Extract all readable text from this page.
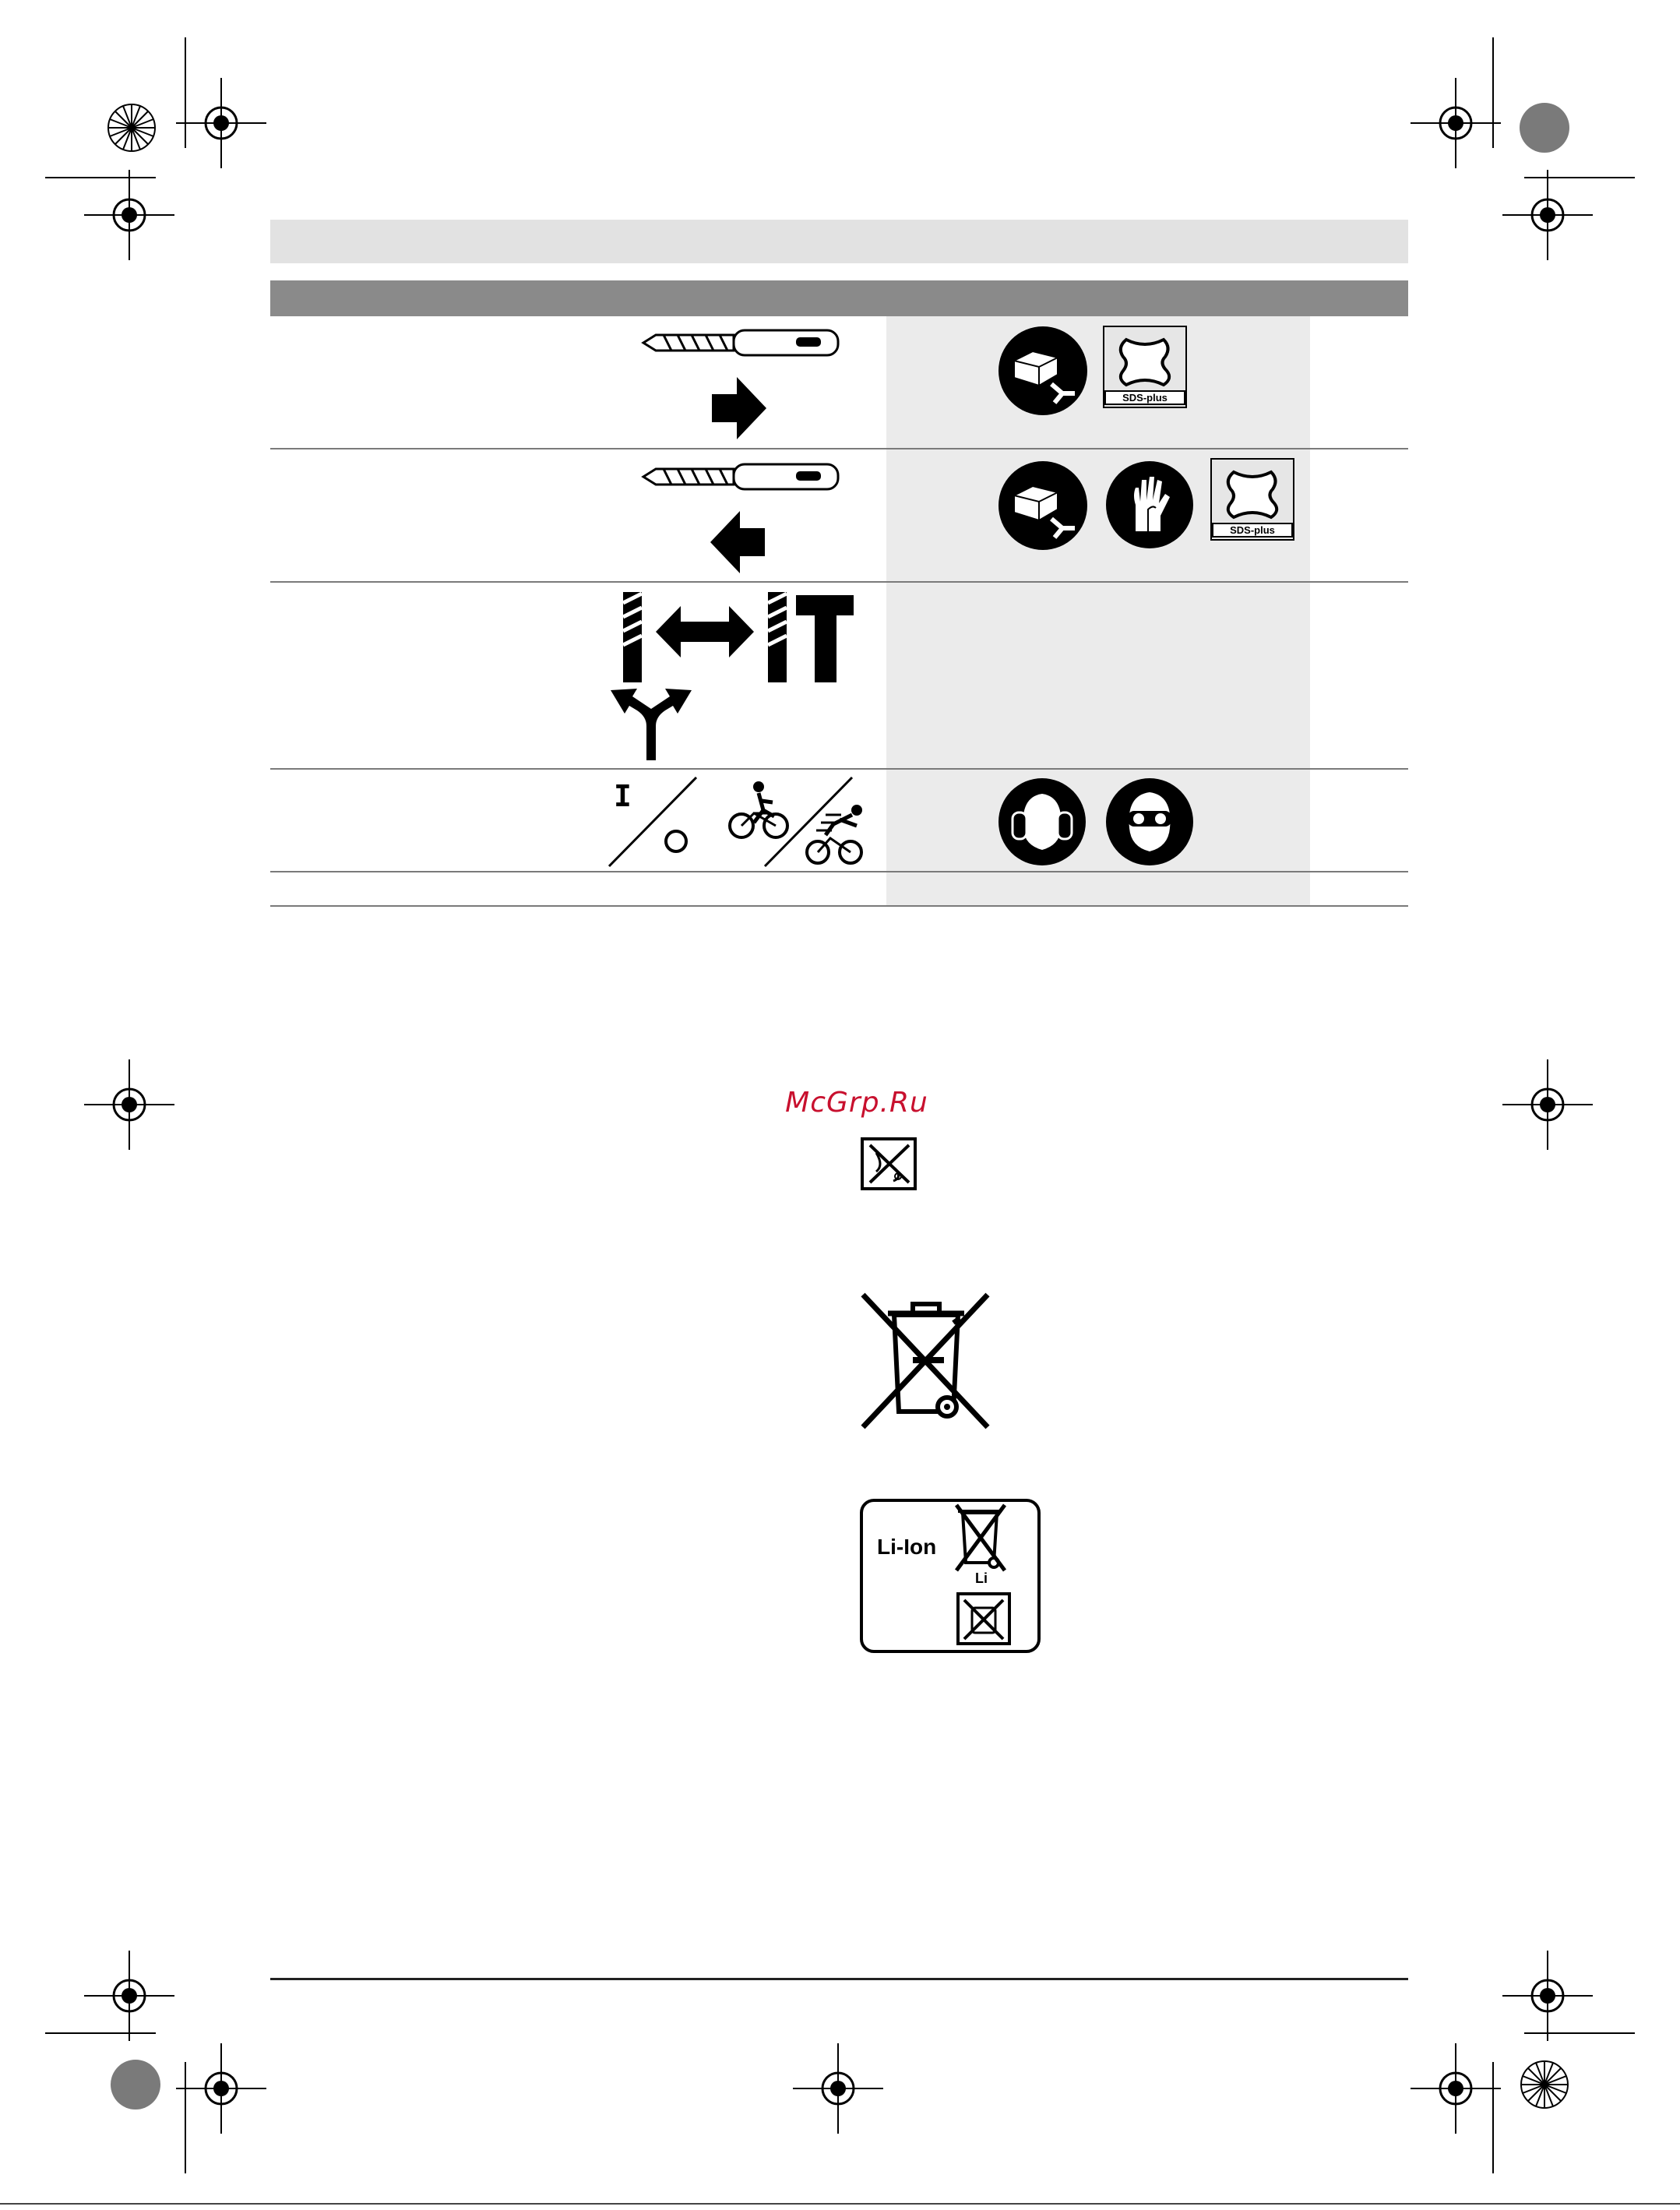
SDS-plus
SDS-plus
I
McGrp.Ru
Li-Ion
Li
